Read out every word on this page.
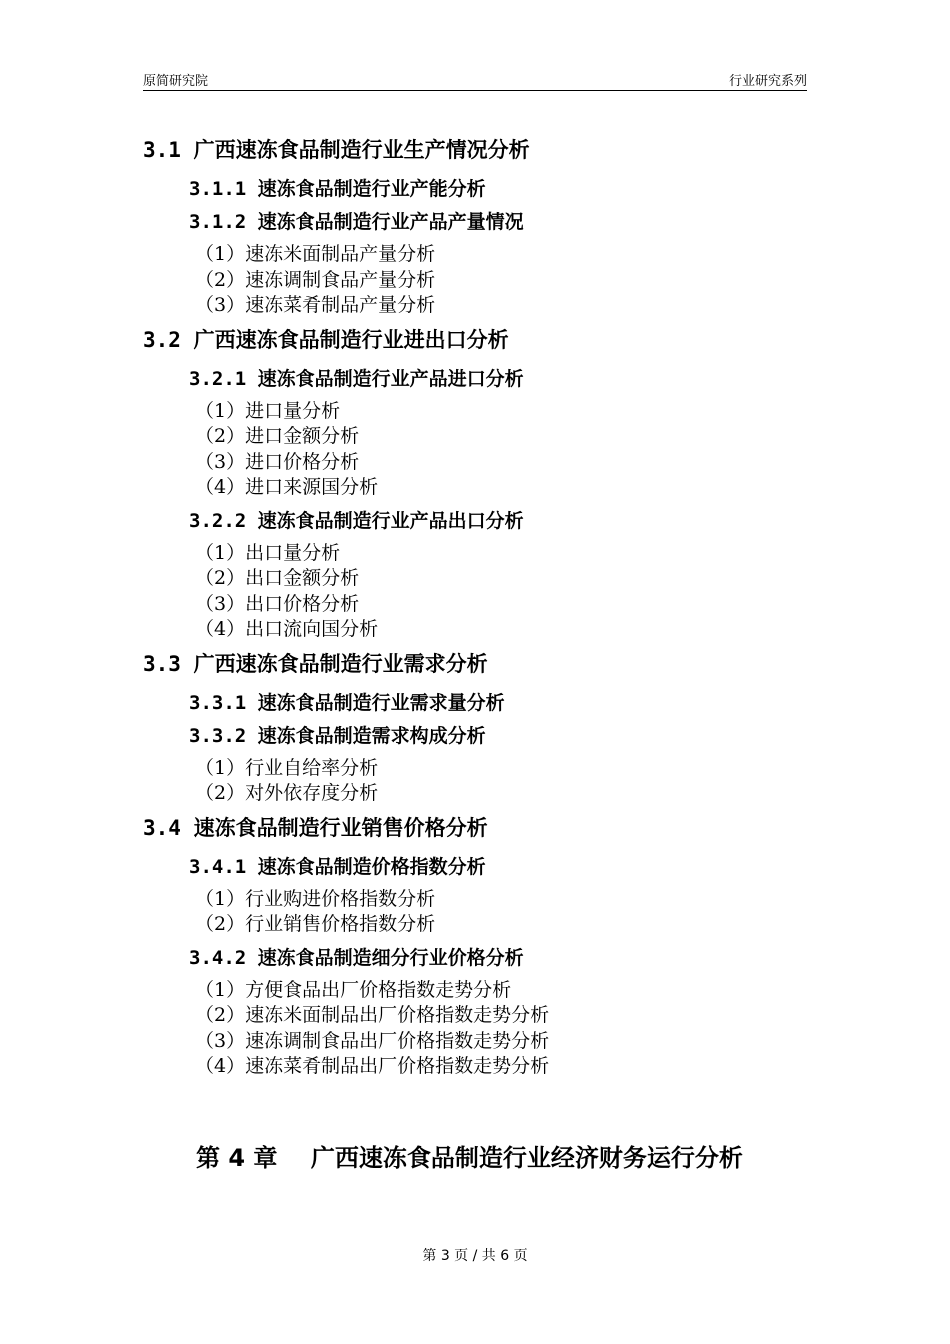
原简研究院	行业研究系列
3.1 广西速冻食品制造行业生产情况分析
3.1.1 速冻食品制造行业产能分析
3.1.2 速冻食品制造行业产品产量情况
（1）速冻米面制品产量分析
（2）速冻调制食品产量分析
（3）速冻菜肴制品产量分析
3.2 广西速冻食品制造行业进出口分析
3.2.1 速冻食品制造行业产品进口分析
（1）进口量分析
（2）进口金额分析
（3）进口价格分析
（4）进口来源国分析
3.2.2 速冻食品制造行业产品出口分析
（1）出口量分析
（2）出口金额分析
（3）出口价格分析
（4）出口流向国分析
3.3 广西速冻食品制造行业需求分析
3.3.1 速冻食品制造行业需求量分析
3.3.2 速冻食品制造需求构成分析
（1）行业自给率分析
（2）对外依存度分析
3.4 速冻食品制造行业销售价格分析
3.4.1 速冻食品制造价格指数分析
（1）行业购进价格指数分析
（2）行业销售价格指数分析
3.4.2 速冻食品制造细分行业价格分析
（1）方便食品出厂价格指数走势分析
（2）速冻米面制品出厂价格指数走势分析
（3）速冻调制食品出厂价格指数走势分析
（4）速冻菜肴制品出厂价格指数走势分析
第 4 章    广西速冻食品制造行业经济财务运行分析
第 3 页 / 共 6 页
